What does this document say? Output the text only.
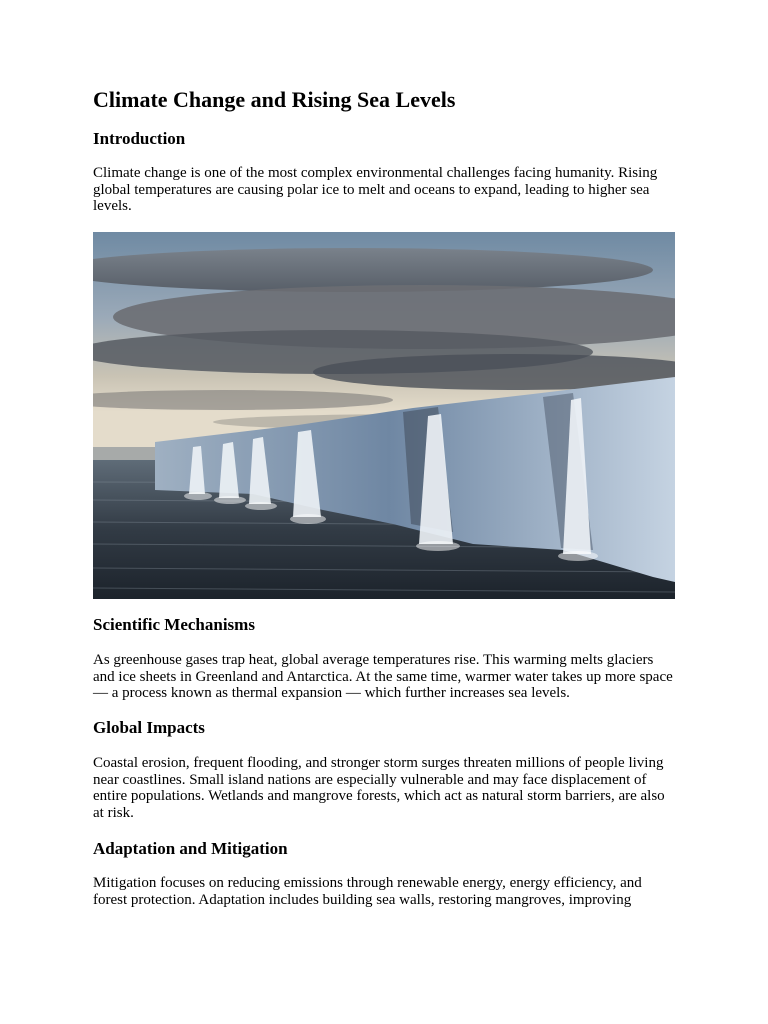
Climate Change and Rising Sea Levels
Introduction

Climate change is one of the most complex environmental challenges facing humanity. Rising global temperatures are causing polar ice to melt and oceans to expand, leading to higher sea levels.

Scientific Mechanisms

As greenhouse gases trap heat, global average temperatures rise. This warming melts glaciers and ice sheets in Greenland and Antarctica. At the same time, warmer water takes up more space — a process known as thermal expansion — which further increases sea levels.

Global Impacts

Coastal erosion, frequent flooding, and stronger storm surges threaten millions of people living near coastlines. Small island nations are especially vulnerable and may face displacement of entire populations. Wetlands and mangrove forests, which act as natural storm barriers, are also at risk.

Adaptation and Mitigation

Mitigation focuses on reducing emissions through renewable energy, energy efficiency, and forest protection. Adaptation includes building sea walls, restoring mangroves, improving
